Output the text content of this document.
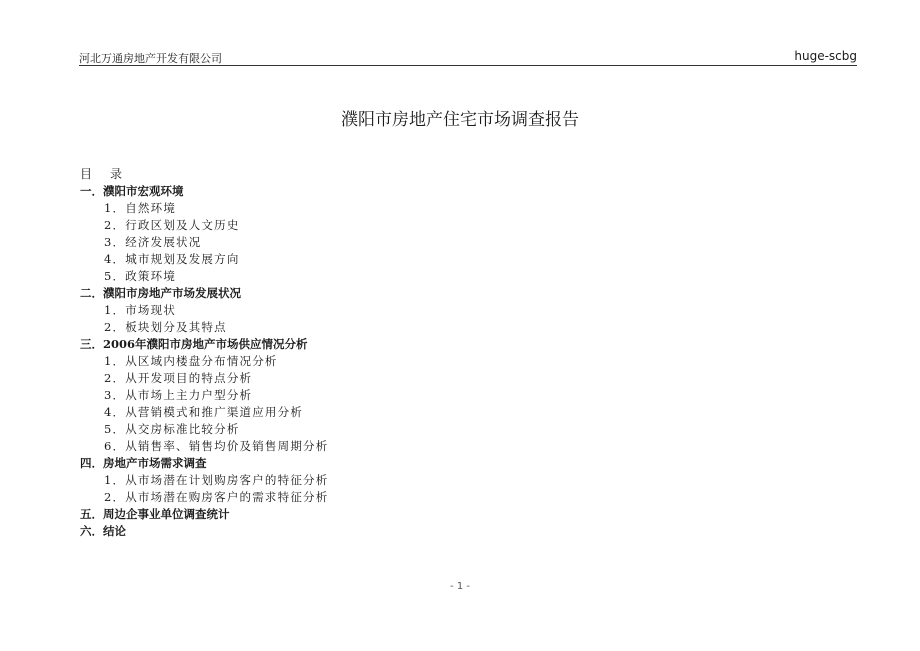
河北万通房地产开发有限公司	huge-scbg
濮阳市房地产住宅市场调查报告
目 录
一．濮阳市宏观环境
1．自然环境
2．行政区划及人文历史
3．经济发展状况
4．城市规划及发展方向
5．政策环境
二．濮阳市房地产市场发展状况
1．市场现状
2．板块划分及其特点
三．2006年濮阳市房地产市场供应情况分析
1．从区域内楼盘分布情况分析
2．从开发项目的特点分析
3．从市场上主力户型分析
4．从营销模式和推广渠道应用分析
5．从交房标准比较分析
6．从销售率、销售均价及销售周期分析
四．房地产市场需求调查
1．从市场潜在计划购房客户的特征分析
2．从市场潜在购房客户的需求特征分析
五．周边企事业单位调查统计
六．结论
- 1 -
